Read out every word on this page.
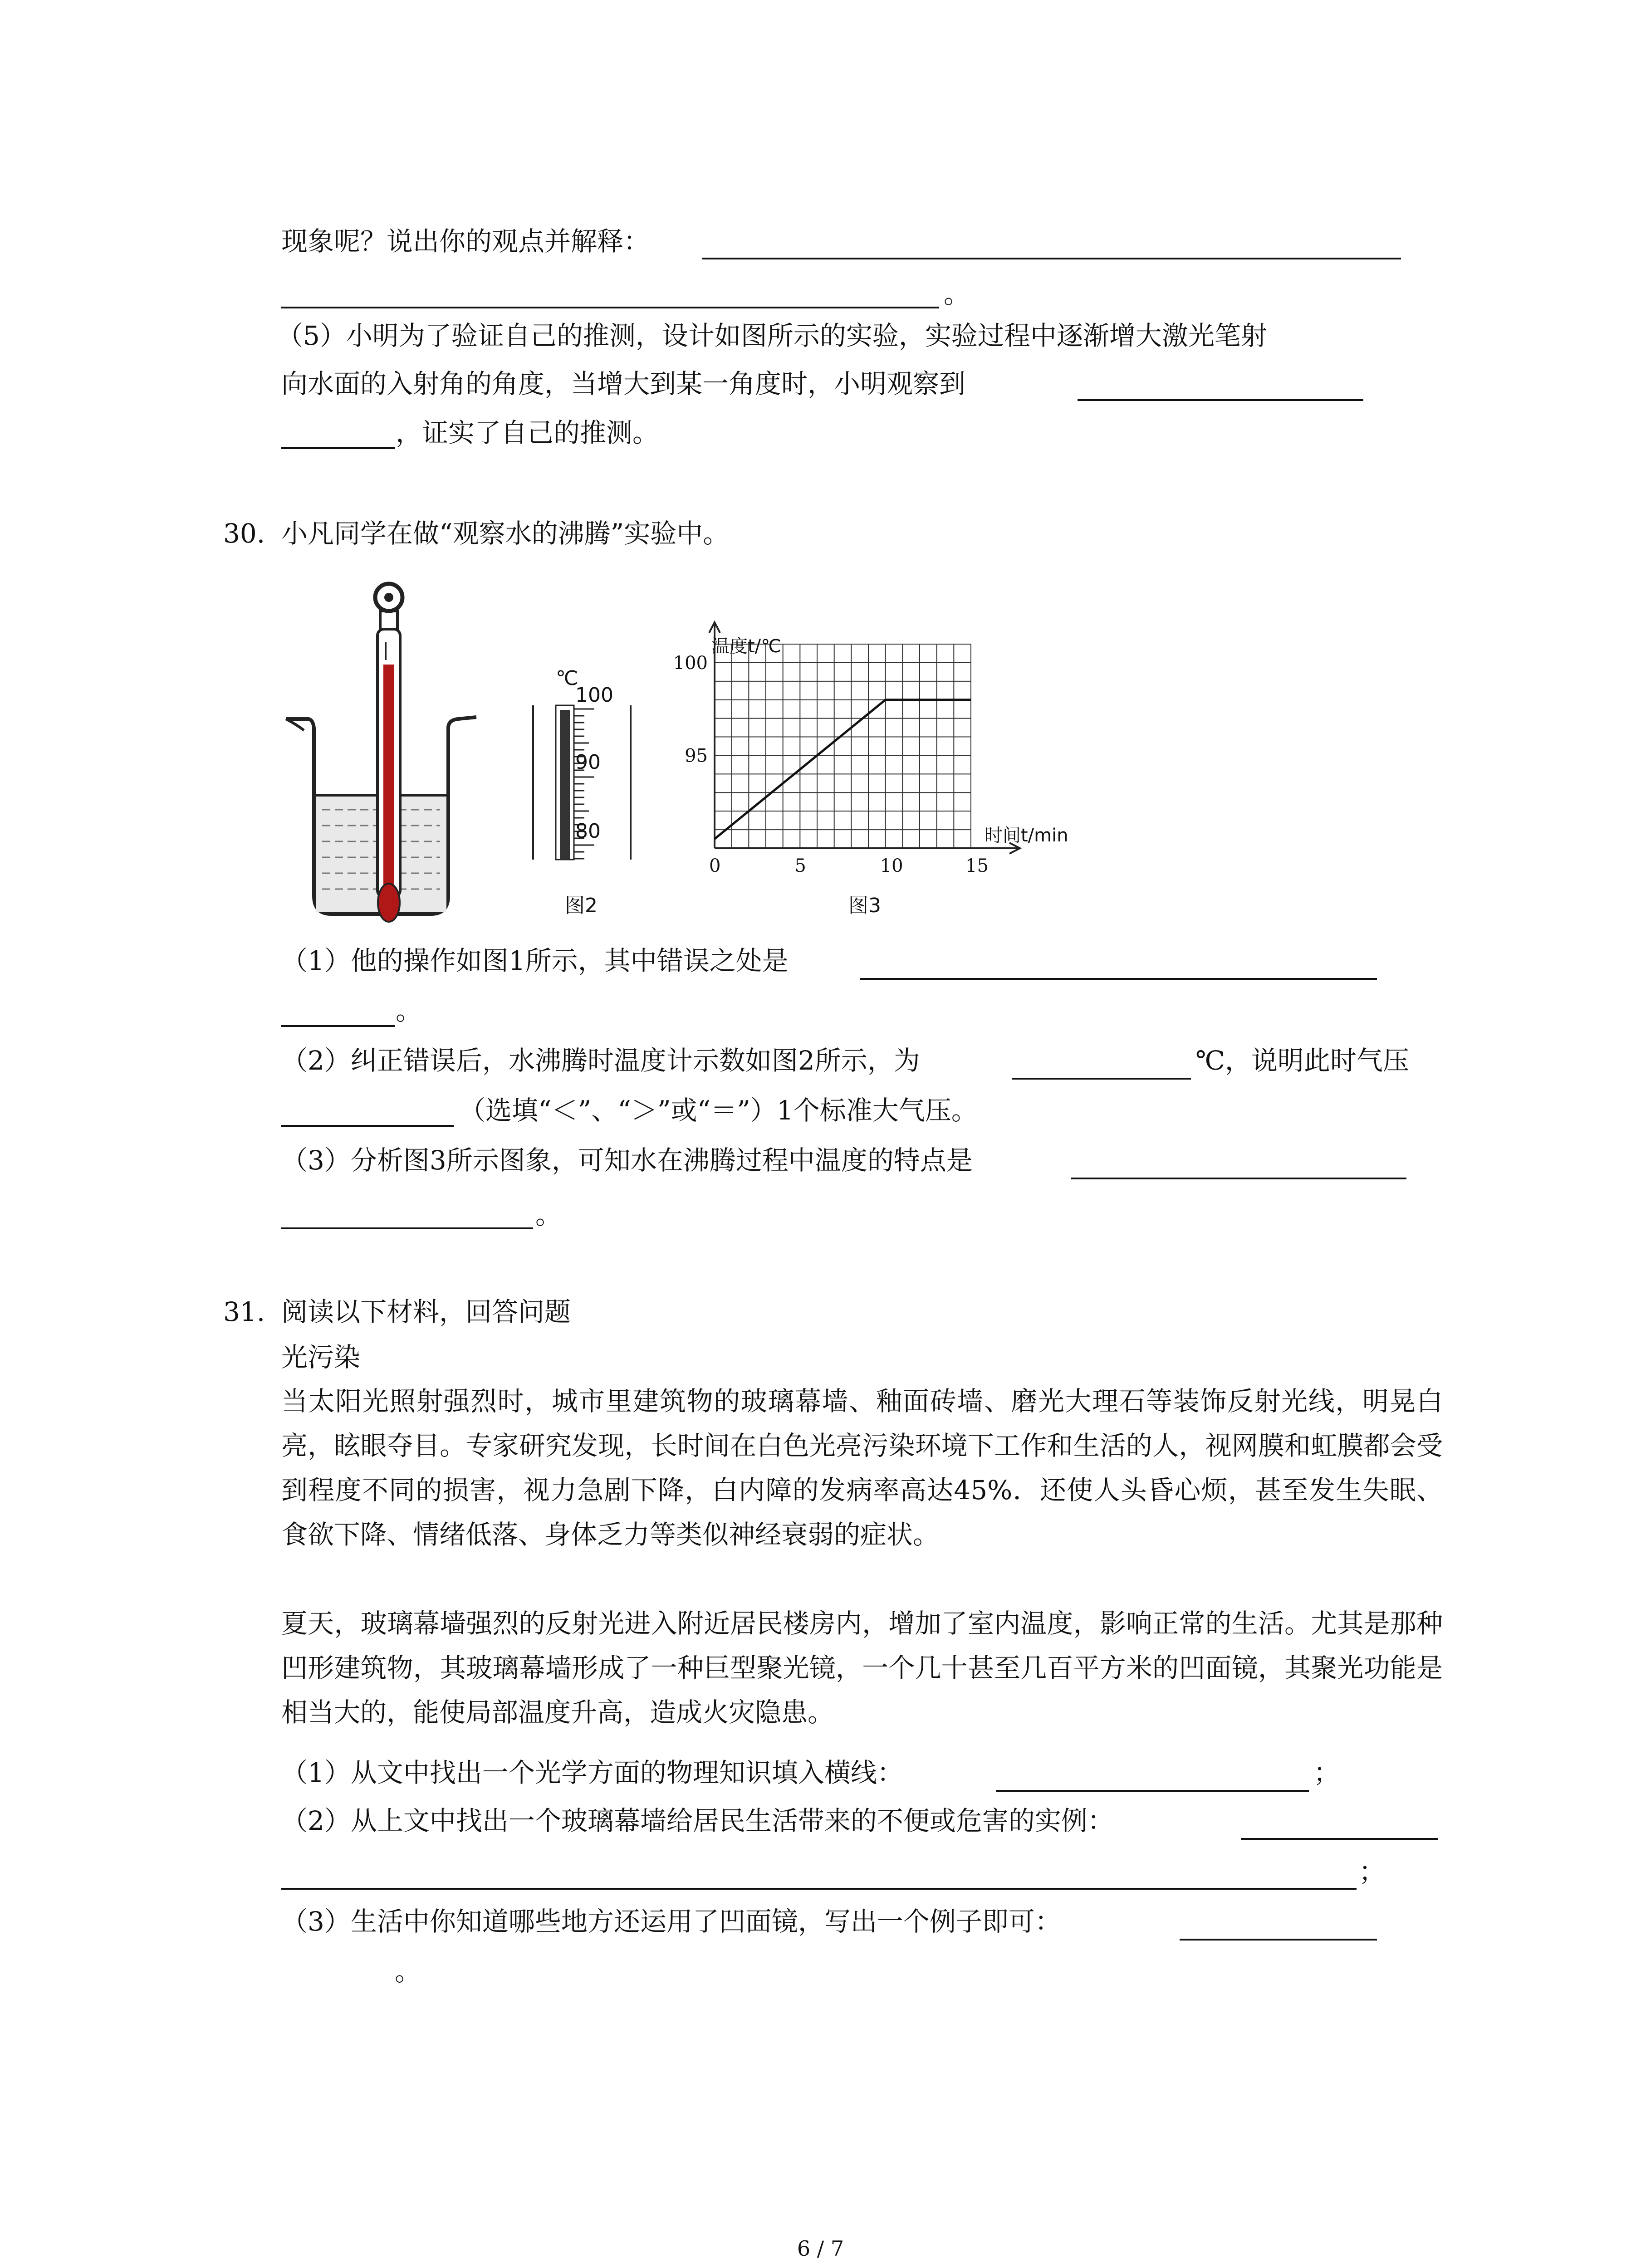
现象呢？说出你的观点并解释：
。
（5）小明为了验证自己的推测，设计如图所示的实验，实验过程中逐渐增大激光笔射
向水面的入射角的角度，当增大到某一角度时，小明观察到
，证实了自己的推测。
30. 小凡同学在做“观察水的沸腾”实验中。
℃
100
90
80
图2
0	5	10	15
95
100
温度t/℃
时间t/min
图3
（1）他的操作如图1所示，其中错误之处是
。
（2）纠正错误后，水沸腾时温度计示数如图2所示，为	℃，说明此时气压
（选填“＜”、“＞”或“＝”）1个标准大气压。
（3）分析图3所示图象，可知水在沸腾过程中温度的特点是
。
31. 阅读以下材料，回答问题
光污染
当太阳光照射强烈时，城市里建筑物的玻璃幕墙、釉面砖墙、磨光大理石等装饰反射光线，明晃白亮，眩眼夺目。专家研究发现，长时间在白色光亮污染环境下工作和生活的人，视网膜和虹膜都会受到程度不同的损害，视力急剧下降，白内障的发病率高达45%．还使人头昏心烦，甚至发生失眠、食欲下降、情绪低落、身体乏力等类似神经衰弱的症状。
夏天，玻璃幕墙强烈的反射光进入附近居民楼房内，增加了室内温度，影响正常的生活。尤其是那种凹形建筑物，其玻璃幕墙形成了一种巨型聚光镜，一个几十甚至几百平方米的凹面镜，其聚光功能是相当大的，能使局部温度升高，造成火灾隐患。
（1）从文中找出一个光学方面的物理知识填入横线：	；
（2）从上文中找出一个玻璃幕墙给居民生活带来的不便或危害的实例：
；
（3）生活中你知道哪些地方还运用了凹面镜，写出一个例子即可：
。
6 / 7
